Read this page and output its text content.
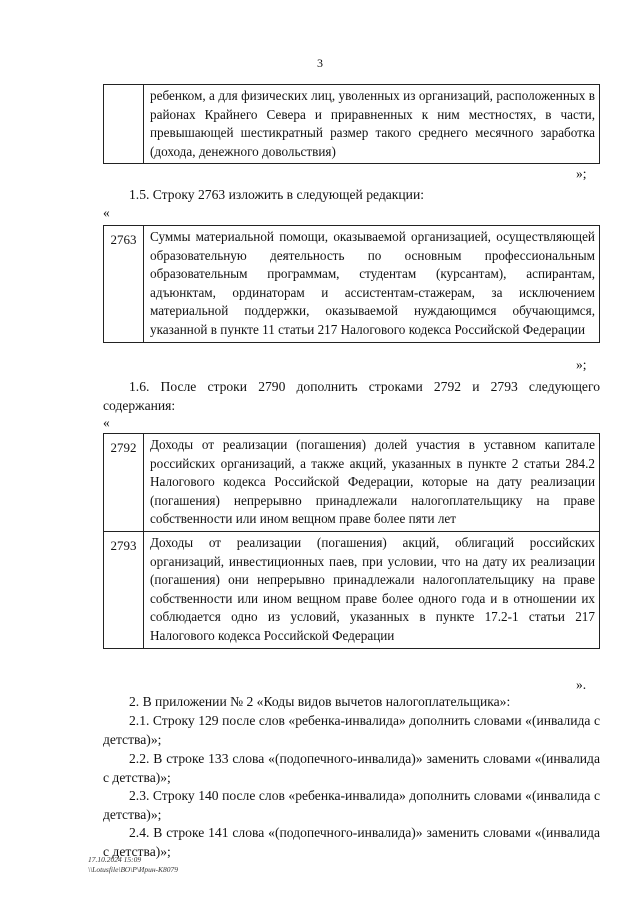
3
ребенком, а для физических лиц, уволенных из организаций, расположенных в районах Крайнего Севера и приравненных к ним местностях, в части, превышающей шестикратный размер такого среднего месячного заработка (дохода, денежного довольствия)
»;
1.5. Строку 2763 изложить в следующей редакции:
«
2763	Суммы материальной помощи, оказываемой организацией, осуществляющей образовательную деятельность по основным профессиональным образовательным программам, студентам (курсантам), аспирантам, адъюнктам, ординаторам и ассистентам-стажерам, за исключением материальной поддержки, оказываемой нуждающимся обучающимся, указанной в пункте 11 статьи 217 Налогового кодекса Российской Федерации
»;
1.6. После строки 2790 дополнить строками 2792 и 2793 следующего содержания:
«
2792	Доходы от реализации (погашения) долей участия в уставном капитале российских организаций, а также акций, указанных в пункте 2 статьи 284.2 Налогового кодекса Российской Федерации, которые на дату реализации (погашения) непрерывно принадлежали налогоплательщику на праве собственности или ином вещном праве более пяти лет
2793	Доходы от реализации (погашения) акций, облигаций российских организаций, инвестиционных паев, при условии, что на дату их реализации (погашения) они непрерывно принадлежали налогоплательщику на праве собственности или ином вещном праве более одного года и в отношении их соблюдается одно из условий, указанных в пункте 17.2-1 статьи 217 Налогового кодекса Российской Федерации
».
2. В приложении № 2 «Коды видов вычетов налогоплательщика»:
2.1. Строку 129 после слов «ребенка-инвалида» дополнить словами «(инвалида с детства)»;
2.2. В строке 133 слова «(подопечного-инвалида)» заменить словами «(инвалида с детства)»;
2.3. Строку 140 после слов «ребенка-инвалида» дополнить словами «(инвалида с детства)»;
2.4. В строке 141 слова «(подопечного-инвалида)» заменить словами «(инвалида с детства)»;
17.10.2024 15:09
\\Lotusfile\ВО\Р\Ирин-К8079
